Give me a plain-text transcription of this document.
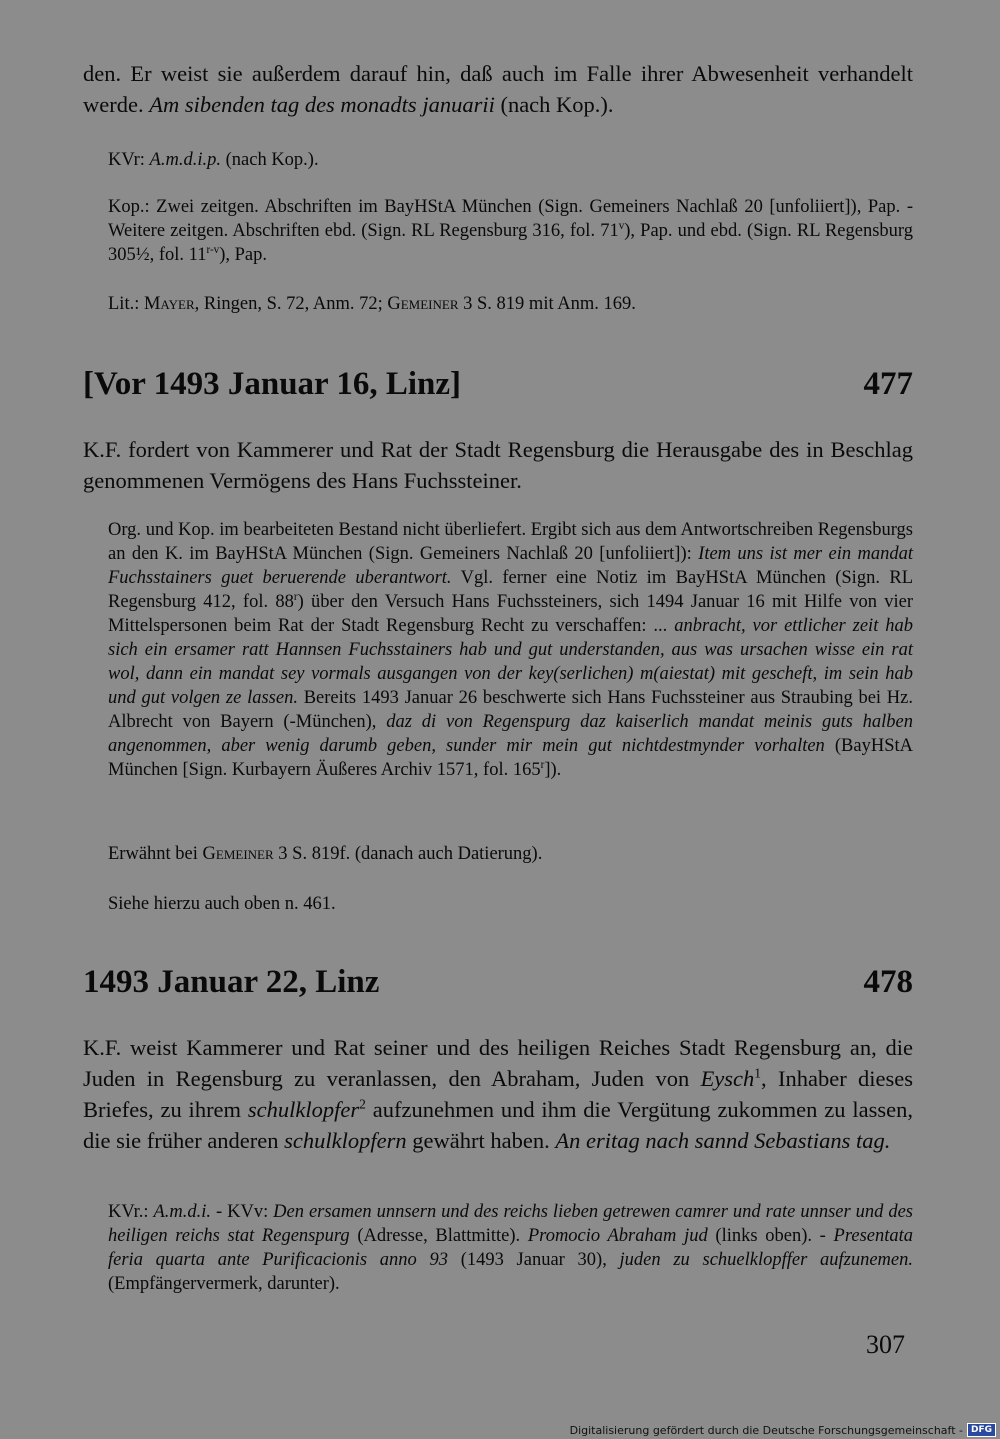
den. Er weist sie außerdem darauf hin, daß auch im Falle ihrer Abwesenheit verhandelt werde. Am sibenden tag des monadts januarii (nach Kop.).
KVr: A.m.d.i.p. (nach Kop.).
Kop.: Zwei zeitgen. Abschriften im BayHStA München (Sign. Gemeiners Nachlaß 20 [unfoliiert]), Pap. - Weitere zeitgen. Abschriften ebd. (Sign. RL Regensburg 316, fol. 71$^v$), Pap. und ebd. (Sign. RL Regensburg 305½, fol. 11$^{r-v}$), Pap.
Lit.: Mayer, Ringen, S. 72, Anm. 72; Gemeiner 3 S. 819 mit Anm. 169.
[Vor 1493 Januar 16, Linz]	477
K.F. fordert von Kammerer und Rat der Stadt Regensburg die Herausgabe des in Beschlag genommenen Vermögens des Hans Fuchssteiner.
Org. und Kop. im bearbeiteten Bestand nicht überliefert. Ergibt sich aus dem Antwortschreiben Regensburgs an den K. im BayHStA München (Sign. Gemeiners Nachlaß 20 [unfoliiert]): Item uns ist mer ein mandat Fuchsstainers guet beruerende uberantwort. Vgl. ferner eine Notiz im BayHStA München (Sign. RL Regensburg 412, fol. 88$^r$) über den Versuch Hans Fuchssteiners, sich 1494 Januar 16 mit Hilfe von vier Mittelspersonen beim Rat der Stadt Regensburg Recht zu verschaffen: ... anbracht, vor ettlicher zeit hab sich ein ersamer ratt Hannsen Fuchsstainers hab und gut understanden, aus was ursachen wisse ein rat wol, dann ein mandat sey vormals ausgangen von der key(serlichen) m(aiestat) mit gescheft, im sein hab und gut volgen ze lassen. Bereits 1493 Januar 26 beschwerte sich Hans Fuchssteiner aus Straubing bei Hz. Albrecht von Bayern (-München), daz di von Regenspurg daz kaiserlich mandat meinis guts halben angenommen, aber wenig darumb geben, sunder mir mein gut nichtdestmynder vorhalten (BayHStA München [Sign. Kurbayern Äußeres Archiv 1571, fol. 165$^r$]).
Erwähnt bei Gemeiner 3 S. 819f. (danach auch Datierung).
Siehe hierzu auch oben n. 461.
1493 Januar 22, Linz	478
K.F. weist Kammerer und Rat seiner und des heiligen Reiches Stadt Regensburg an, die Juden in Regensburg zu veranlassen, den Abraham, Juden von Eysch$^1$, Inhaber dieses Briefes, zu ihrem schulklopfer$^2$ aufzunehmen und ihm die Vergütung zukommen zu lassen, die sie früher anderen schulklopfern gewährt haben. An eritag nach sannd Sebastians tag.
KVr.: A.m.d.i. - KVv: Den ersamen unnsern und des reichs lieben getrewen camrer und rate unnser und des heiligen reichs stat Regenspurg (Adresse, Blattmitte). Promocio Abraham jud (links oben). - Presentata feria quarta ante Purificacionis anno 93 (1493 Januar 30), juden zu schuelklopffer aufzunemen. (Empfängervermerk, darunter).
307
Digitalisierung gefördert durch die Deutsche Forschungsgemeinschaft - DFG
